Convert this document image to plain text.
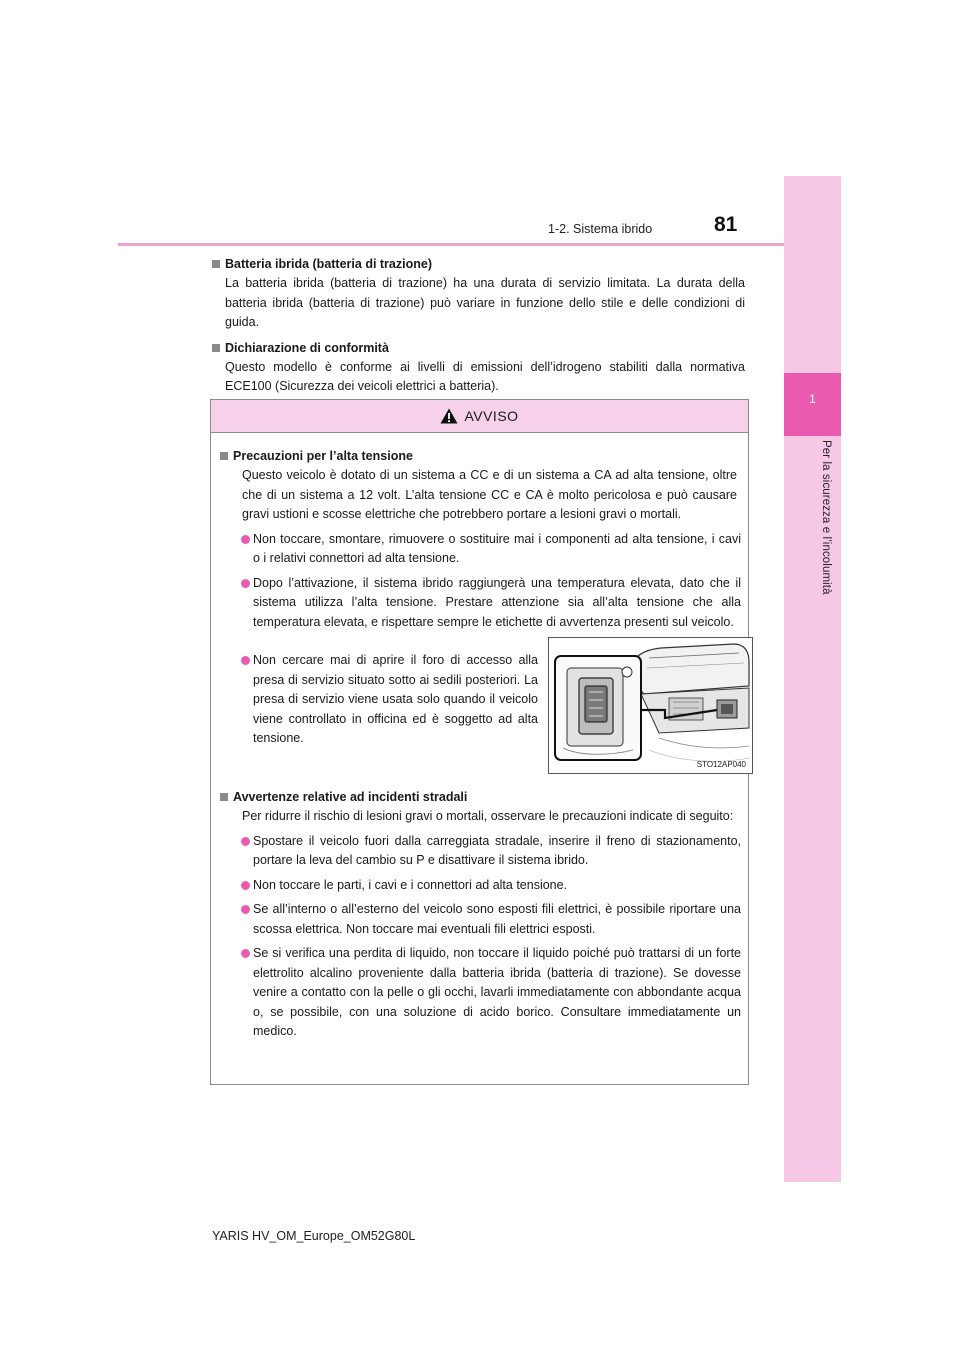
1
Per la sicurezza e l’incolumità
1-2. Sistema ibrido	81
Batteria ibrida (batteria di trazione)
La batteria ibrida (batteria di trazione) ha una durata di servizio limitata. La durata della batteria ibrida (batteria di trazione) può variare in funzione dello stile e delle condizioni di guida.
Dichiarazione di conformità
Questo modello è conforme ai livelli di emissioni dell’idrogeno stabiliti dalla normativa ECE100 (Sicurezza dei veicoli elettrici a batteria).
AVVISO
Precauzioni per l’alta tensione
Questo veicolo è dotato di un sistema a CC e di un sistema a CA ad alta tensione, oltre che di un sistema a 12 volt. L’alta tensione CC e CA è molto pericolosa e può causare gravi ustioni e scosse elettriche che potrebbero portare a lesioni gravi o mortali.
Non toccare, smontare, rimuovere o sostituire mai i componenti ad alta tensione, i cavi o i relativi connettori ad alta tensione.
Dopo l’attivazione, il sistema ibrido raggiungerà una temperatura elevata, dato che il sistema utilizza l’alta tensione. Prestare attenzione sia all’alta tensione che alla temperatura elevata, e rispettare sempre le etichette di avvertenza presenti sul veicolo.
Non cercare mai di aprire il foro di accesso alla presa di servizio situato sotto ai sedili posteriori. La presa di servizio viene usata solo quando il veicolo viene controllato in officina ed è soggetto ad alta tensione.
STO12AP040
Avvertenze relative ad incidenti stradali
Per ridurre il rischio di lesioni gravi o mortali, osservare le precauzioni indicate di seguito:
Spostare il veicolo fuori dalla carreggiata stradale, inserire il freno di stazionamento, portare la leva del cambio su P e disattivare il sistema ibrido.
Non toccare le parti, i cavi e i connettori ad alta tensione.
Se all’interno o all’esterno del veicolo sono esposti fili elettrici, è possibile riportare una scossa elettrica. Non toccare mai eventuali fili elettrici esposti.
Se si verifica una perdita di liquido, non toccare il liquido poiché può trattarsi di un forte elettrolito alcalino proveniente dalla batteria ibrida (batteria di trazione). Se dovesse venire a contatto con la pelle o gli occhi, lavarli immediatamente con abbondante acqua o, se possibile, con una soluzione di acido borico. Consultare immediatamente un medico.
YARIS HV_OM_Europe_OM52G80L
